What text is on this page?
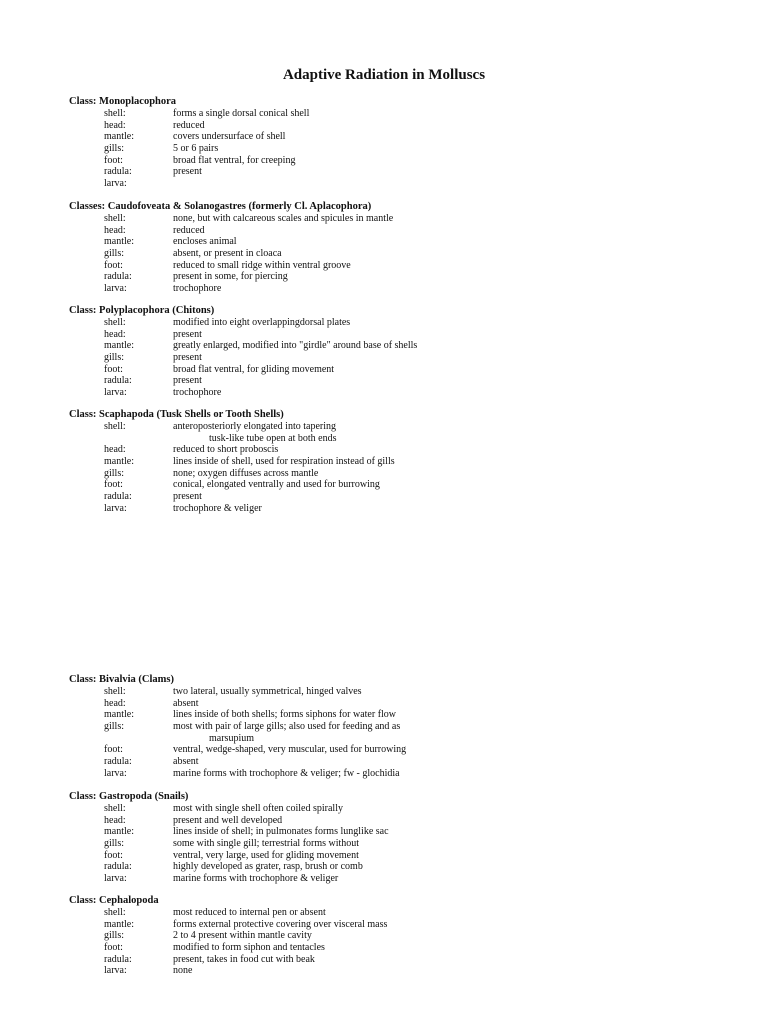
Adaptive Radiation in Molluscs
Class: Monoplacophora
shell:	forms a single dorsal conical shell
head:	reduced
mantle:	covers undersurface of shell
gills:	5 or 6 pairs
foot:	broad flat ventral, for creeping
radula:	present
larva:
Classes: Caudofoveata & Solanogastres (formerly Cl. Aplacophora)
shell:	none, but with calcareous scales and spicules in mantle
head:	reduced
mantle:	encloses animal
gills:	absent, or present in cloaca
foot:	reduced to small ridge within ventral groove
radula:	present in some, for piercing
larva:	trochophore
Class: Polyplacophora (Chitons)
shell:	modified into eight overlappingdorsal plates
head:	present
mantle:	greatly enlarged, modified into "girdle" around base of shells
gills:	present
foot:	broad flat ventral, for gliding movement
radula:	present
larva:	trochophore
Class: Scaphapoda (Tusk Shells or Tooth Shells)
shell:	anteroposteriorly elongated into tapering
tusk-like tube open at both ends
head:	reduced to short proboscis
mantle:	lines inside of shell, used for respiration instead of gills
gills:	none; oxygen diffuses across mantle
foot:	conical, elongated ventrally and used for burrowing
radula:	present
larva:	trochophore & veliger
Class: Bivalvia (Clams)
shell:	two lateral, usually symmetrical, hinged valves
head:	absent
mantle:	lines inside of both shells; forms siphons for water flow
gills:	most with pair of large gills; also used for feeding and as
marsupium
foot:	ventral, wedge-shaped, very muscular, used for burrowing
radula:	absent
larva:	marine forms with trochophore & veliger; fw - glochidia
Class: Gastropoda (Snails)
shell:	most with single shell often coiled spirally
head:	present and well developed
mantle:	lines inside of shell; in pulmonates forms lunglike sac
gills:	some with single gill; terrestrial forms without
foot:	ventral, very large, used for gliding movement
radula:	highly developed as grater, rasp, brush or comb
larva:	marine forms with trochophore & veliger
Class: Cephalopoda
shell:	most reduced to internal pen or absent
mantle:	forms external protective covering over visceral mass
gills:	2 to 4 present within mantle cavity
foot:	modified to form siphon and tentacles
radula:	present, takes in food cut with beak
larva:	none
